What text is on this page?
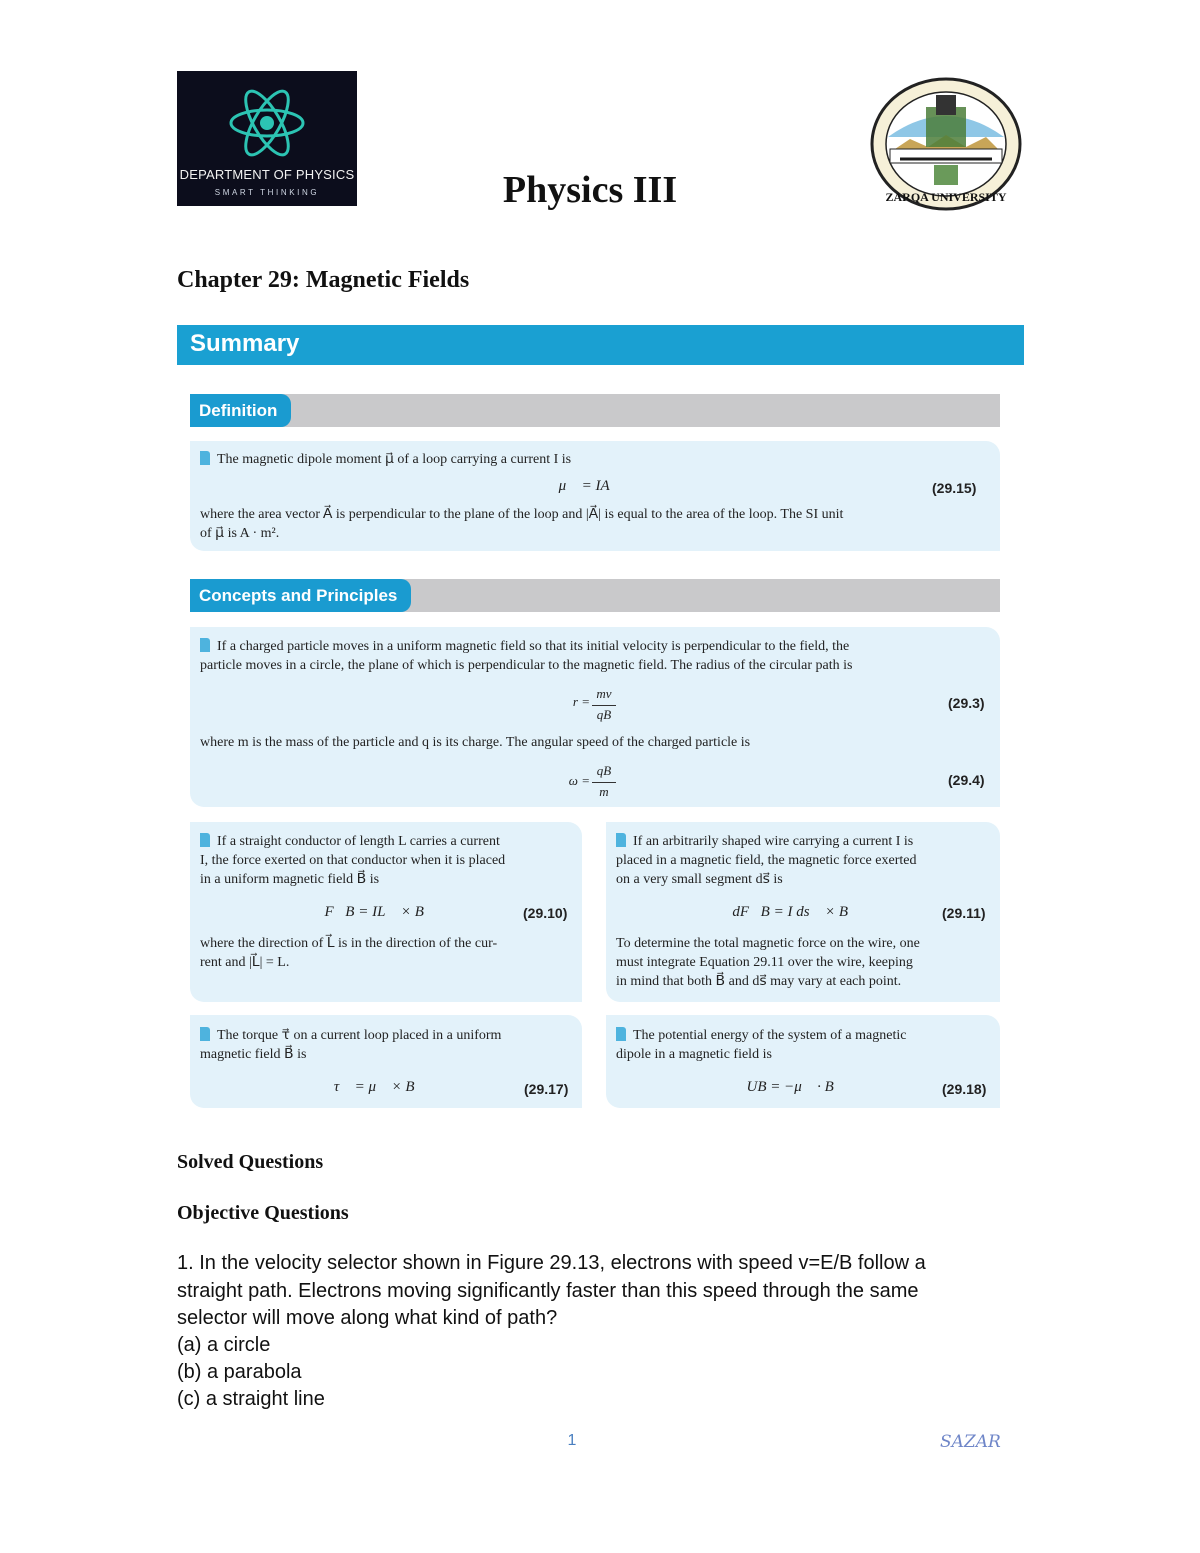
DEPARTMENT OF PHYSICS
SMART THINKING	ZARQA UNIVERSITY
Physics III
Chapter 29: Magnetic Fields
Summary
Definition
The magnetic dipole moment μ⃗ of a loop carrying a current I is
μ⃗ = IA⃗	(29.15)
where the area vector A⃗ is perpendicular to the plane of the loop and |A⃗| is equal to the area of the loop. The SI unit
of μ⃗ is A · m².
Concepts and Principles
If a charged particle moves in a uniform magnetic field so that its initial velocity is perpendicular to the field, the
particle moves in a circle, the plane of which is perpendicular to the magnetic field. The radius of the circular path is
r =
mv
qB
(29.3)
where m is the mass of the particle and q is its charge. The angular speed of the charged particle is
ω =
qB
m
(29.4)
If a straight conductor of length L carries a current
I, the force exerted on that conductor when it is placed
in a uniform magnetic field B⃗ is
F⃗B = IL⃗ × B⃗	(29.10)
where the direction of L⃗ is in the direction of the cur-
rent and |L⃗| = L.
If an arbitrarily shaped wire carrying a current I is
placed in a magnetic field, the magnetic force exerted
on a very small segment ds⃗ is
dF⃗B = I ds⃗ × B⃗	(29.11)
To determine the total magnetic force on the wire, one
must integrate Equation 29.11 over the wire, keeping
in mind that both B⃗ and ds⃗ may vary at each point.
The torque τ⃗ on a current loop placed in a uniform
magnetic field B⃗ is
τ⃗ = μ⃗ × B⃗	(29.17)
The potential energy of the system of a magnetic
dipole in a magnetic field is
UB = −μ⃗ · B⃗	(29.18)
Solved Questions
Objective Questions
1. In the velocity selector shown in Figure 29.13, electrons with speed v=E/B follow a
straight path. Electrons moving significantly faster than this speed through the same
selector will move along what kind of path?
(a) a circle
(b) a parabola
(c) a straight line
1	SAZAR
